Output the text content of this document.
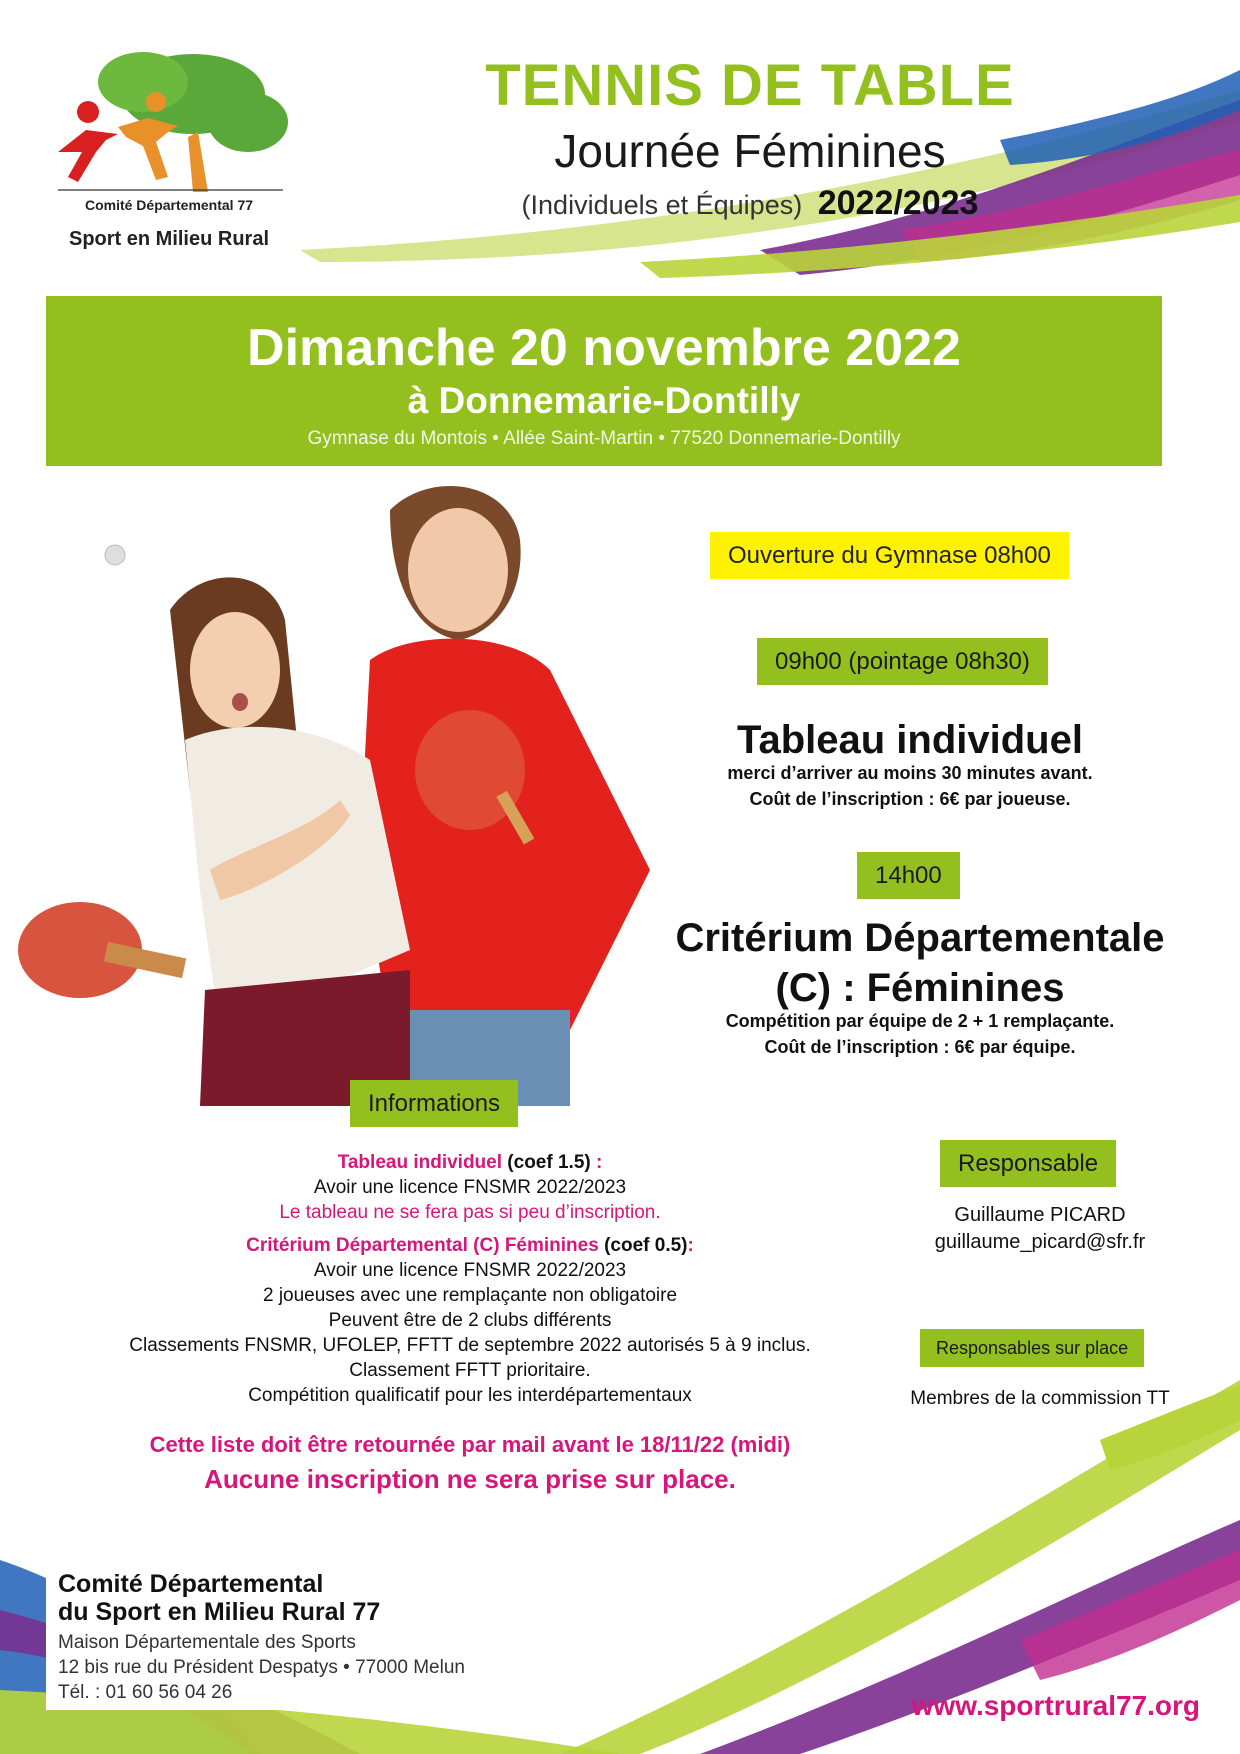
Comité Départemental 77
Sport en Milieu Rural
TENNIS DE TABLE
Journée Féminines
(Individuels et Équipes) 2022/2023
Dimanche 20 novembre 2022
à Donnemarie-Dontilly
Gymnase du Montois • Allée Saint-Martin • 77520 Donnemarie-Dontilly
Ouverture du Gymnase 08h00
09h00 (pointage 08h30)
Tableau individuel
merci d’arriver au moins 30 minutes avant.
Coût de l’inscription : 6€ par joueuse.
14h00
Critérium Départementale
(C) : Féminines
Compétition par équipe de 2 + 1 remplaçante.
Coût de l’inscription : 6€ par équipe.
Informations
Tableau individuel (coef 1.5) :
Avoir une licence FNSMR 2022/2023
Le tableau ne se fera pas si peu d’inscription.
Critérium Départemental (C) Féminines (coef 0.5):
Avoir une licence FNSMR 2022/2023
2 joueuses avec une remplaçante non obligatoire
Peuvent être de 2 clubs différents
Classements FNSMR, UFOLEP, FFTT de septembre 2022 autorisés 5 à 9 inclus.
Classement FFTT prioritaire.
Compétition qualificatif pour les interdépartementaux
Cette liste doit être retournée par mail avant le 18/11/22 (midi)
Aucune inscription ne sera prise sur place.
Responsable
Guillaume PICARD
guillaume_picard@sfr.fr
Responsables sur place
Membres de la commission TT
Comité Départemental
du Sport en Milieu Rural 77
Maison Départementale des Sports
12 bis rue du Président Despatys • 77000 Melun
Tél. : 01 60 56 04 26	www.sportrural77.org
